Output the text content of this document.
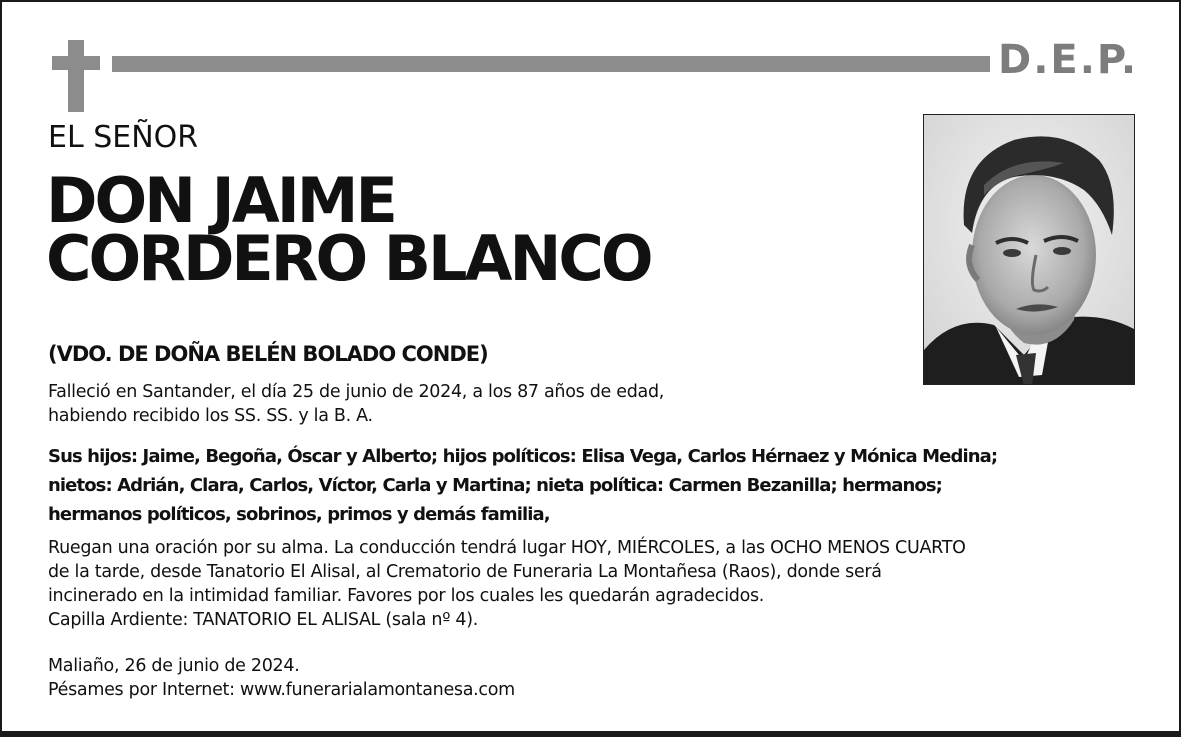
D.E.P.
EL SEÑOR
DON JAIME
CORDERO BLANCO
(VDO. DE DOÑA BELÉN BOLADO CONDE)
Falleció en Santander, el día 25 de junio de 2024, a los 87 años de edad,
habiendo recibido los SS. SS. y la B. A.
Sus hijos: Jaime, Begoña, Óscar y Alberto; hijos políticos: Elisa Vega, Carlos Hérnaez y Mónica Medina;
nietos: Adrián, Clara, Carlos, Víctor, Carla y Martina; nieta política: Carmen Bezanilla; hermanos;
hermanos políticos, sobrinos, primos y demás familia,
Ruegan una oración por su alma. La conducción tendrá lugar HOY, MIÉRCOLES, a las OCHO MENOS CUARTO
de la tarde, desde Tanatorio El Alisal, al Crematorio de Funeraria La Montañesa (Raos), donde será
incinerado en la intimidad familiar. Favores por los cuales les quedarán agradecidos.
Capilla Ardiente: TANATORIO EL ALISAL (sala nº 4).
Maliaño, 26 de junio de 2024.
Pésames por Internet: www.funerarialamontanesa.com
